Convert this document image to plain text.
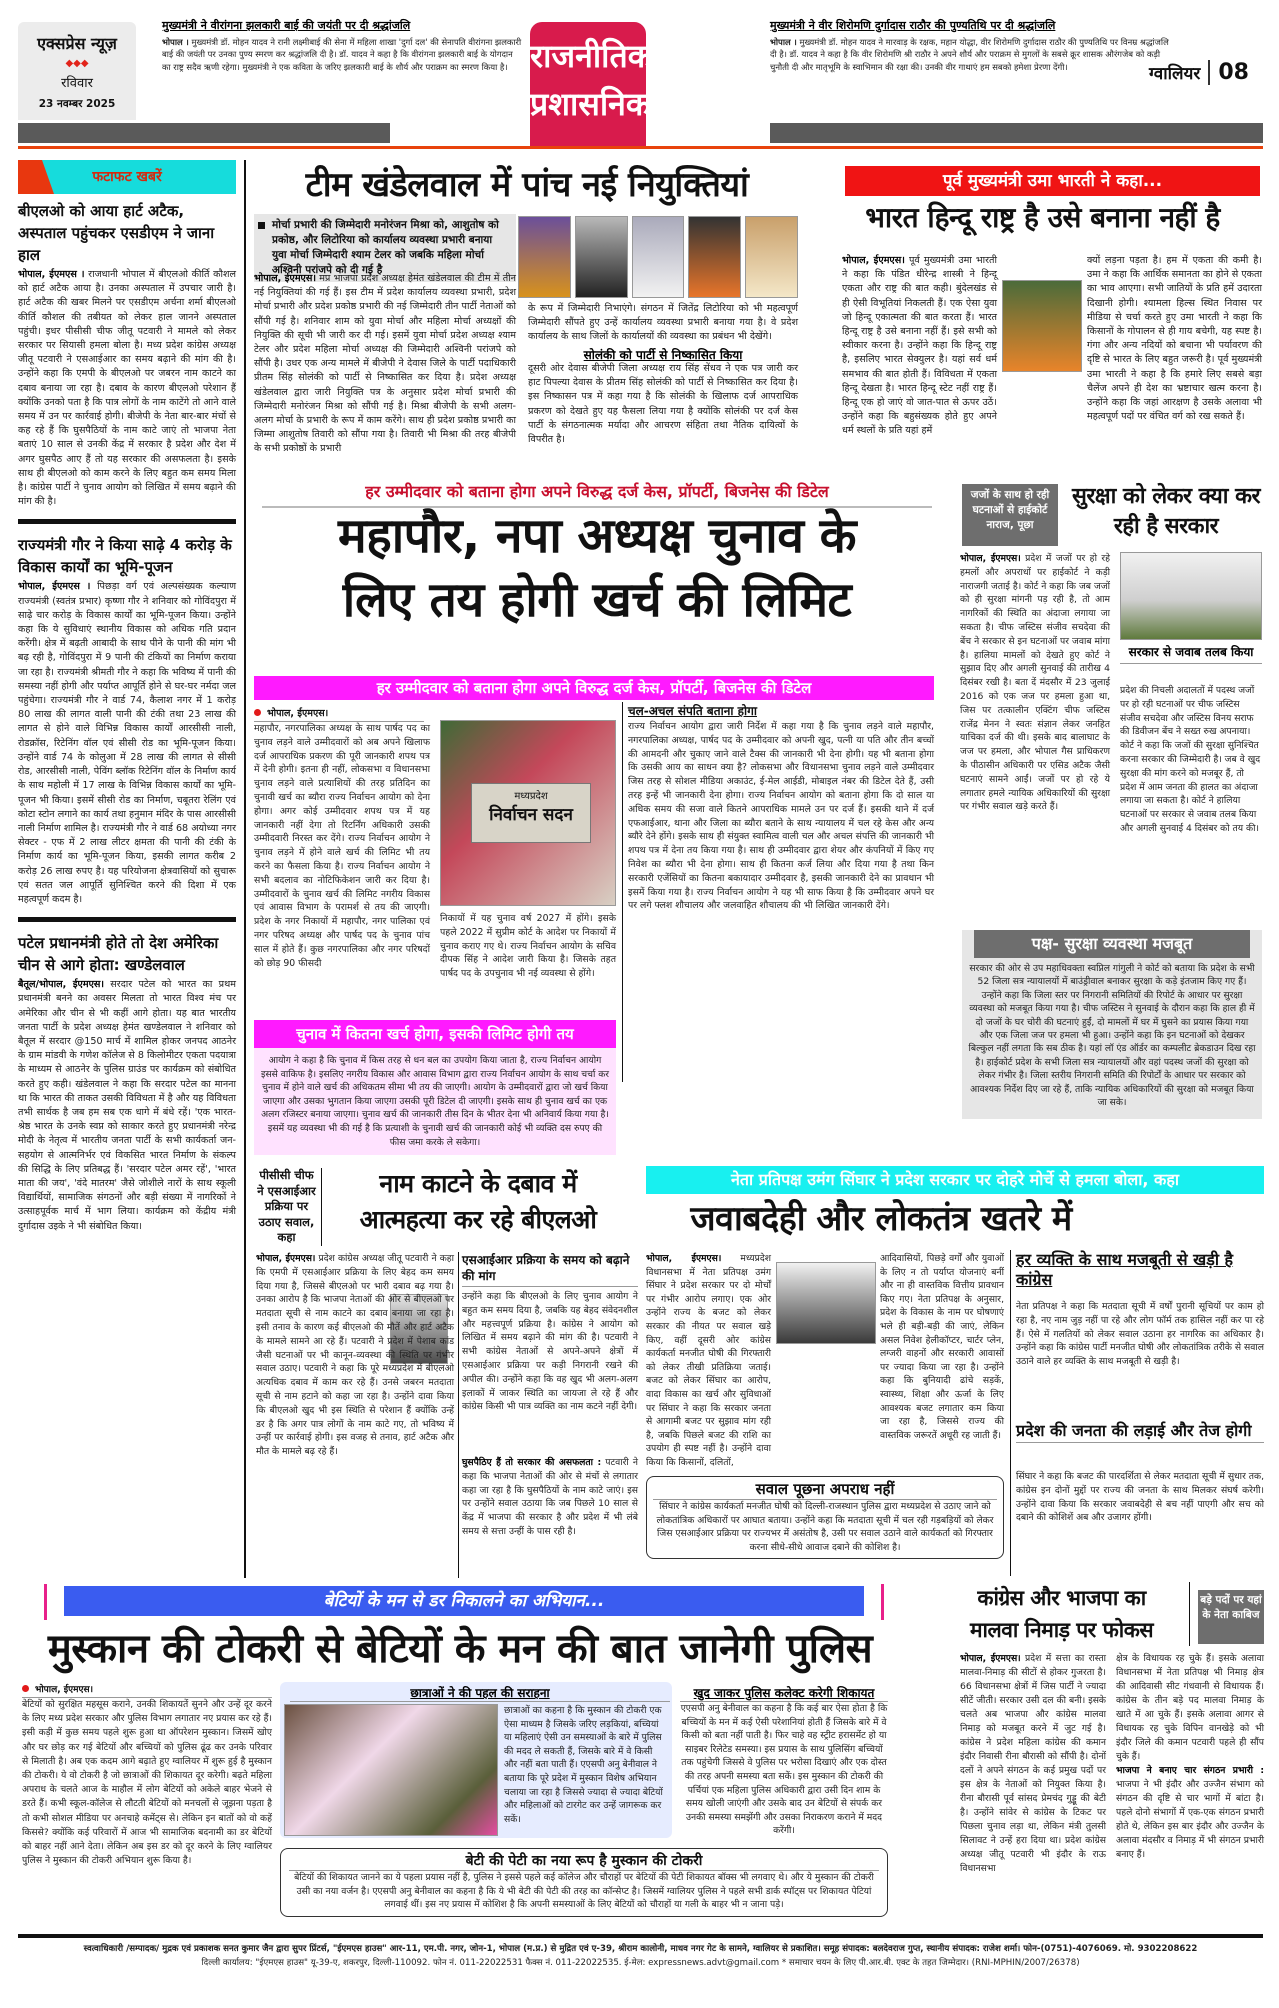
एक्सप्रेस न्यूज़
◆◆◆
रविवार
23 नवम्बर 2025
मुख्यमंत्री ने वीरांगना झलकारी बाई की जयंती पर दी श्रद्धांजलि
भोपाल । मुख्यमंत्री डॉ. मोहन यादव ने रानी लक्ष्मीबाई की सेना में महिला शाखा 'दुर्गा दल' की सेनापति वीरांगना झलकारी बाई की जयंती पर उनका पुण्य स्मरण कर श्रद्धांजलि दी है। डॉ. यादव ने कहा है कि वीरांगना झलकारी बाई के योगदान का राष्ट्र सदैव ऋणी रहेगा। मुख्यमंत्री ने एक कविता के जरिए झलकारी बाई के शौर्य और पराक्रम का स्मरण किया है। राजनीतिक
प्रशासनिक
मुख्यमंत्री ने वीर शिरोमणि दुर्गादास राठौर की पुण्यतिथि पर दी श्रद्धांजलि
भोपाल । मुख्यमंत्री डॉ. मोहन यादव ने मारवाड़ के रक्षक, महान योद्धा, वीर शिरोमणि दुर्गादास राठौर की पुण्यतिथि पर विनम्र श्रद्धांजलि दी है। डॉ. यादव ने कहा है कि वीर शिरोमणि श्री राठौर ने अपने शौर्य और पराक्रम से मुगलों के सबसे क्रूर शासक औरंगजेब को कड़ी चुनौती दी और मातृभूमि के स्वाभिमान की रक्षा की। उनकी वीर गाथाएं हम सबको हमेशा प्रेरणा देंगी।	ग्वालियर 08
फटाफट खबरें
बीएलओ को आया हार्ट अटैक, अस्पताल पहुंचकर एसडीएम ने जाना हाल
भोपाल, ईएमएस । राजधानी भोपाल में बीएलओ कीर्ति कौशल को हार्ट अटैक आया है। उनका अस्पताल में उपचार जारी है। हार्ट अटैक की खबर मिलने पर एसडीएम अर्चना शर्मा बीएलओ कीर्ति कौशल की तबीयत को लेकर हाल जानने अस्पताल पहुंची। इधर पीसीसी चीफ जीतू पटवारी ने मामले को लेकर सरकार पर सियासी हमला बोला है। मध्य प्रदेश कांग्रेस अध्यक्ष जीतू पटवारी ने एसआईआर का समय बढ़ाने की मांग की है। उन्होंने कहा कि एमपी के बीएलओ पर जबरन नाम काटने का दबाव बनाया जा रहा है। दबाव के कारण बीएलओ परेशान हैं क्योंकि उनको पता है कि पात्र लोगों के नाम काटेंगे तो आने वाले समय में उन पर कार्रवाई होगी। बीजेपी के नेता बार-बार मंचों से कह रहे हैं कि घुसपैठियों के नाम काटे जाएं तो भाजपा नेता बताएं 10 साल से उनकी केंद्र में सरकार है प्रदेश और देश में अगर घुसपैठ आए हैं तो यह सरकार की असफलता है। इसके साथ ही बीएलओ को काम करने के लिए बहुत कम समय मिला है। कांग्रेस पार्टी ने चुनाव आयोग को लिखित में समय बढ़ाने की मांग की है।
राज्यमंत्री गौर ने किया साढ़े 4 करोड़ के विकास कार्यों का भूमि-पूजन
भोपाल, ईएमएस । पिछड़ा वर्ग एवं अल्पसंख्यक कल्याण राज्यमंत्री (स्वतंत्र प्रभार) कृष्णा गौर ने शनिवार को गोविंदपुरा में साढ़े चार करोड़ के विकास कार्यों का भूमि-पूजन किया। उन्होंने कहा कि ये सुविधाएं स्थानीय विकास को अधिक गति प्रदान करेंगी। क्षेत्र में बढ़ती आबादी के साथ पीने के पानी की मांग भी बढ़ रही है, गोविंदपुरा में 9 पानी की टंकियों का निर्माण कराया जा रहा है। राज्यमंत्री श्रीमती गौर ने कहा कि भविष्य में पानी की समस्या नहीं होगी और पर्याप्त आपूर्ति होने से घर-घर नर्मदा जल पहुंचेगा। राज्यमंत्री गौर ने वार्ड 74, कैलाश नगर में 1 करोड़ 80 लाख की लागत वाली पानी की टंकी तथा 23 लाख की लागत से होने वाले विभिन्न विकास कार्यों आरसीसी नाली, रोडक्रॉस, रिटेनिंग वॉल एवं सीसी रोड का भूमि-पूजन किया। उन्होंने वार्ड 74 के कोलुआ में 28 लाख की लागत से सीसी रोड, आरसीसी नाली, पेविंग ब्लॉक रिटेनिंग वॉल के निर्माण कार्य के साथ महोली में 17 लाख के विभिन्न विकास कार्यों का भूमि-पूजन भी किया। इसमें सीसी रोड का निर्माण, चबूतरा रेलिंग एवं कोटा स्टोन लगाने का कार्य तथा हनुमान मंदिर के पास आरसीसी नाली निर्माण शामिल है। राज्यमंत्री गौर ने वार्ड 68 अयोध्या नगर सेक्टर - एफ में 2 लाख लीटर क्षमता की पानी की टंकी के निर्माण कार्य का भूमि-पूजन किया, इसकी लागत करीब 2 करोड़ 26 लाख रुपए है। यह परियोजना क्षेत्रवासियों को सुचारू एवं सतत जल आपूर्ति सुनिश्चित करने की दिशा में एक महत्वपूर्ण कदम है।
पटेल प्रधानमंत्री होते तो देश अमेरिका चीन से आगे होता: खण्डेलवाल
बैतूल/भोपाल, ईएमएस। सरदार पटेल को भारत का प्रथम प्रधानमंत्री बनने का अवसर मिलता तो भारत विश्व मंच पर अमेरिका और चीन से भी कहीं आगे होता। यह बात भारतीय जनता पार्टी के प्रदेश अध्यक्ष हेमंत खण्डेलवाल ने शनिवार को बैतूल में सरदार @150 मार्च में शामिल होकर जनपद आठनेर के ग्राम मांडवी के गणेश कॉलेज से 8 किलोमीटर एकता पदयात्रा के माध्यम से आठनेर के पुलिस ग्राउंड पर कार्यक्रम को संबोधित करते हुए कही। खंडेलवाल ने कहा कि सरदार पटेल का मानना था कि भारत की ताकत उसकी विविधता में है और यह विविधता तभी सार्थक है जब हम सब एक धागे में बंधे रहें। 'एक भारत-श्रेष्ठ भारत के उनके स्वप्न को साकार करते हुए प्रधानमंत्री नरेन्द्र मोदी के नेतृत्व में भारतीय जनता पार्टी के सभी कार्यकर्ता जन-सहयोग से आत्मनिर्भर एवं विकसित भारत निर्माण के संकल्प की सिद्धि के लिए प्रतिबद्ध हैं। 'सरदार पटेल अमर रहें', 'भारत माता की जय', 'वंदे मातरम' जैसे जोशीले नारों के साथ स्कूली विद्यार्थियों, सामाजिक संगठनों और बड़ी संख्या में नागरिकों ने उत्साहपूर्वक मार्च में भाग लिया। कार्यक्रम को केंद्रीय मंत्री दुर्गादास उइके ने भी संबोधित किया।
टीम खंडेलवाल में पांच नई नियुक्तियां
मोर्चा प्रभारी की जिम्मेदारी मनोरंजन मिश्रा को, आशुतोष को प्रकोष्ठ, और लिटोरिया को कार्यालय व्यवस्था प्रभारी बनाया युवा मोर्चा जिम्मेदारी श्याम टेलर को जबकि महिला मोर्चा अश्विनी परांजपे को दी गई है
भोपाल, ईएमएस। मप्र भाजपा प्रदेश अध्यक्ष हेमंत खंडेलवाल की टीम में तीन नई नियुक्तियां की गई हैं। इस टीम में प्रदेश कार्यालय व्यवस्था प्रभारी, प्रदेश मोर्चा प्रभारी और प्रदेश प्रकोष्ठ प्रभारी की नई जिम्मेदारी तीन पार्टी नेताओं को सौंपी गई है। शनिवार शाम को युवा मोर्चा और महिला मोर्चा अध्यक्षों की नियुक्ति की सूची भी जारी कर दी गई। इसमें युवा मोर्चा प्रदेश अध्यक्ष श्याम टेलर और प्रदेश महिला मोर्चा अध्यक्ष की जिम्मेदारी अश्विनी परांजपे को सौंपी है। उधर एक अन्य मामले में बीजेपी ने देवास जिले के पार्टी पदाधिकारी प्रीतम सिंह सोलंकी को पार्टी से निष्कासित कर दिया है। प्रदेश अध्यक्ष खंडेलवाल द्वारा जारी नियुक्ति पत्र के अनुसार प्रदेश मोर्चा प्रभारी की जिम्मेदारी मनोरंजन मिश्रा को सौंपी गई है। मिश्रा बीजेपी के सभी अलग-अलग मोर्चा के प्रभारी के रूप में काम करेंगे। साथ ही प्रदेश प्रकोष्ठ प्रभारी का जिम्मा आशुतोष तिवारी को सौंपा गया है। तिवारी भी मिश्रा की तरह बीजेपी के सभी प्रकोष्ठों के प्रभारी
के रूप में जिम्मेदारी निभाएंगे। संगठन में जितेंद्र लिटोरिया को भी महत्वपूर्ण जिम्मेदारी सौंपते हुए उन्हें कार्यालय व्यवस्था प्रभारी बनाया गया है। वे प्रदेश कार्यालय के साथ जिलों के कार्यालयों की व्यवस्था का प्रबंधन भी देखेंगे।
सोलंकी को पार्टी से निष्कासित किया
दूसरी ओर देवास बीजेपी जिला अध्यक्ष राय सिंह सेंधव ने एक पत्र जारी कर हाट पिपल्या देवास के प्रीतम सिंह सोलंकी को पार्टी से निष्कासित कर दिया है। इस निष्कासन पत्र में कहा गया है कि सोलंकी के खिलाफ दर्ज आपराधिक प्रकरण को देखते हुए यह फैसला लिया गया है क्योंकि सोलंकी पर दर्ज केस पार्टी के संगठनात्मक मर्यादा और आचरण संहिता तथा नैतिक दायित्वों के विपरीत है।
पूर्व मुख्यमंत्री उमा भारती ने कहा...
भारत हिन्दू राष्ट्र है उसे बनाना नहीं है
भोपाल, ईएमएस। पूर्व मुख्यमंत्री उमा भारती ने कहा कि पंडित धीरेन्द्र शास्त्री ने हिन्दू एकता और राष्ट्र की बात कही। बुंदेलखंड से ही ऐसी विभूतियां निकलती हैं। एक ऐसा युवा जो हिन्दू एकात्मता की बात करता हैं। भारत हिन्दू राष्ट्र है उसे बनाना नहीं हैं। इसे सभी को स्वीकार करना है। उन्होंने कहा कि हिन्दू राष्ट्र है, इसलिए भारत सेक्युलर है। यहां सर्व धर्म समभाव की बात होती हैं। विविधता में एकता हिन्दू देखता है। भारत हिन्दू स्टेट नहीं राष्ट्र हैं। हिन्दू एक हो जाएं वो जात-पात से ऊपर उठें। उन्होंने कहा कि बहुसंख्यक होते हुए अपने धर्म स्थलों के प्रति यहां हमें
क्यों लड़ना पड़ता है। हम में एकता की कमी है। उमा ने कहा कि आर्थिक समानता का होने से एकता का भाव आएगा। सभी जातियों के प्रति हमें उदारता दिखानी होगी। श्यामला हिल्स स्थित निवास पर मीडिया से चर्चा करते हुए उमा भारती ने कहा कि किसानों के गोपालन से ही गाय बचेगी, यह स्पष्ट है। गंगा और अन्य नदियों को बचाना भी पर्यावरण की दृष्टि से भारत के लिए बहुत जरूरी है। पूर्व मुख्यमंत्री उमा भारती ने कहा है कि हमारे लिए सबसे बड़ा चैलेंज अपने ही देश का भ्रष्टाचार खत्म करना है। उन्होंने कहा कि जहां आरक्षण है उसके अलावा भी महत्वपूर्ण पदों पर वंचित वर्ग को रख सकते हैं।
हर उम्मीदवार को बताना होगा अपने विरुद्ध दर्ज केस, प्रॉपर्टी, बिजनेस की डिटेल
महापौर, नपा अध्यक्ष चुनाव के
लिए तय होगी खर्च की लिमिट
हर उम्मीदवार को बताना होगा अपने विरुद्ध दर्ज केस, प्रॉपर्टी, बिजनेस की डिटेल
भोपाल, ईएमएस।
महापौर, नगरपालिका अध्यक्ष के साथ पार्षद पद का चुनाव लड़ने वाले उम्मीदवारों को अब अपने खिलाफ दर्ज आपराधिक प्रकरण की पूरी जानकारी शपथ पत्र में देनी होगी। इतना ही नहीं, लोकसभा व विधानसभा चुनाव लड़ने वाले प्रत्याशियों की तरह प्रतिदिन का चुनावी खर्च का ब्यौरा राज्य निर्वाचन आयोग को देना होगा। अगर कोई उम्मीदवार शपथ पत्र में यह जानकारी नहीं देगा तो रिटर्निंग अधिकारी उसकी उम्मीदवारी निरस्त कर देंगे। राज्य निर्वाचन आयोग ने चुनाव लड़ने में होने वाले खर्च की लिमिट भी तय करने का फैसला किया है। राज्य निर्वाचन आयोग ने सभी बदलाव का नोटिफिकेशन जारी कर दिया है। उम्मीदवारों के चुनाव खर्च की लिमिट नगरीय विकास एवं आवास विभाग के परामर्श से तय की जाएगी। प्रदेश के नगर निकायों में महापौर, नगर पालिका एवं नगर परिषद अध्यक्ष और पार्षद पद के चुनाव पांच साल में होते हैं। कुछ नगरपालिका और नगर परिषदों को छोड़ 90 फीसदी
मध्यप्रदेश
निर्वाचन सदन
निकायों में यह चुनाव वर्ष 2027 में होंगे। इसके पहले 2022 में सुप्रीम कोर्ट के आदेश पर निकायों में चुनाव कराए गए थे। राज्य निर्वाचन आयोग के सचिव दीपक सिंह ने आदेश जारी किया है। जिसके तहत पार्षद पद के उपचुनाव भी नई व्यवस्था से होंगे।
चल-अचल संपति बताना होगा
राज्य निर्वाचन आयोग द्वारा जारी निर्देश में कहा गया है कि चुनाव लड़ने वाले महापौर, नगरपालिका अध्यक्ष, पार्षद पद के उम्मीदवार को अपनी खुद, पत्नी या पति और तीन बच्चों की आमदनी और चुकाए जाने वाले टैक्स की जानकारी भी देना होगी। यह भी बताना होगा कि उसकी आय का साधन क्या है? लोकसभा और विधानसभा चुनाव लड़ने वाले उम्मीदवार जिस तरह से सोशल मीडिया अकाउंट, ई-मेल आईडी, मोबाइल नंबर की डिटेल देते हैं, उसी तरह इन्हें भी जानकारी देना होगा। राज्य निर्वाचन आयोग को बताना होगा कि दो साल या अधिक समय की सजा वाले कितने आपराधिक मामले उन पर दर्ज हैं। इसकी थाने में दर्ज एफआईआर, थाना और जिला का ब्यौरा बताने के साथ न्यायालय में चल रहे केस और अन्य ब्यौरे देने होंगे। इसके साथ ही संयुक्त स्वामित्व वाली चल और अचल संपत्ति की जानकारी भी शपथ पत्र में देना तय किया गया है। साथ ही उम्मीदवार द्वारा शेयर और कंपनियों में किए गए निवेश का ब्यौरा भी देना होगा। साथ ही कितना कर्ज लिया और दिया गया है तथा किन सरकारी एजेंसियों का कितना बकायादार उम्मीदवार है, इसकी जानकारी देने का प्रावधान भी इसमें किया गया है। राज्य निर्वाचन आयोग ने यह भी साफ किया है कि उम्मीदवार अपने घर पर लगे फ्लश शौचालय और जलवाहित शौचालय की भी लिखित जानकारी देंगे।
चुनाव में कितना खर्च होगा, इसकी लिमिट होगी तय
आयोग ने कहा है कि चुनाव में किस तरह से धन बल का उपयोग किया जाता है, राज्य निर्वाचन आयोग इससे वाकिफ है। इसलिए नगरीय विकास और आवास विभाग द्वारा राज्य निर्वाचन आयोग के साथ चर्चा कर चुनाव में होने वाले खर्च की अधिकतम सीमा भी तय की जाएगी। आयोग के उम्मीदवारों द्वारा जो खर्च किया जाएगा और उसका भुगतान किया जाएगा उसकी पूरी डिटेल दी जाएगी। इसके साथ ही चुनाव खर्च का एक अलग रजिस्टर बनाया जाएगा। चुनाव खर्च की जानकारी तीस दिन के भीतर देना भी अनिवार्य किया गया है। इसमें यह व्यवस्था भी की गई है कि प्रत्याशी के चुनावी खर्च की जानकारी कोई भी व्यक्ति दस रुपए की फीस जमा करके ले सकेगा।
जजों के साथ हो रही घटनाओं से हाईकोर्ट नाराज, पूछा
सुरक्षा को लेकर क्या कर रही है सरकार
भोपाल, ईएमएस। प्रदेश में जजों पर हो रहे हमलों और अपराधों पर हाईकोर्ट ने कड़ी नाराजगी जताई है। कोर्ट ने कहा कि जब जजों को ही सुरक्षा मांगनी पड़ रही है, तो आम नागरिकों की स्थिति का अंदाजा लगाया जा सकता है। चीफ जस्टिस संजीव सचदेवा की बेंच ने सरकार से इन घटनाओं पर जवाब मांगा है। हालिया मामलों को देखते हुए कोर्ट ने सुझाव दिए और अगली सुनवाई की तारीख 4 दिसंबर रखी है। बता दें मंदसौर में 23 जुलाई 2016 को एक जज पर हमला हुआ था, जिस पर तत्कालीन एक्टिंग चीफ जस्टिस राजेंद्र मेनन ने स्वतः संज्ञान लेकर जनहित याचिका दर्ज की थी। इसके बाद बालाघाट के जज पर हमला, और भोपाल गैस प्राधिकरण के पीठासीन अधिकारी पर एसिड अटैक जैसी घटनाएं सामने आईं। जजों पर हो रहे ये लगातार हमले न्यायिक अधिकारियों की सुरक्षा पर गंभीर सवाल खड़े करते हैं।
सरकार से जवाब तलब किया
प्रदेश की निचली अदालतों में पदस्थ जजों पर हो रही घटनाओं पर चीफ जस्टिस संजीव सचदेवा और जस्टिस विनय सराफ की डिवीजन बेंच ने सख्त रुख अपनाया। कोर्ट ने कहा कि जजों की सुरक्षा सुनिश्चित करना सरकार की जिम्मेदारी है। जब वे खुद सुरक्षा की मांग करने को मजबूर हैं, तो प्रदेश में आम जनता की हालत का अंदाजा लगाया जा सकता है। कोर्ट ने हालिया घटनाओं पर सरकार से जवाब तलब किया और अगली सुनवाई 4 दिसंबर को तय की।
पक्ष- सुरक्षा व्यवस्था मजबूत
सरकार की ओर से उप महाधिवक्ता स्वप्निल गांगुली ने कोर्ट को बताया कि प्रदेश के सभी 52 जिला सत्र न्यायालयों में बाउंड्रीवाल बनाकर सुरक्षा के कड़े इंतजाम किए गए हैं। उन्होंने कहा कि जिला स्तर पर निगरानी समितियों की रिपोर्ट के आधार पर सुरक्षा व्यवस्था को मजबूत किया गया है। चीफ जस्टिस ने सुनवाई के दौरान कहा कि हाल ही में दो जजों के घर चोरी की घटनाएं हुईं, दो मामलों में घर में घुसने का प्रयास किया गया और एक जिला जज पर हमला भी हुआ। उन्होंने कहा कि इन घटनाओं को देखकर बिल्कुल नहीं लगता कि सब ठीक है। यहां लॉ एंड ऑर्डर का कम्पलीट ब्रेकडाउन दिख रहा है। हाईकोर्ट प्रदेश के सभी जिला सत्र न्यायालयों और वहां पदस्थ जजों की सुरक्षा को लेकर गंभीर है। जिला स्तरीय निगरानी समिति की रिपोर्टों के आधार पर सरकार को आवश्यक निर्देश दिए जा रहे हैं, ताकि न्यायिक अधिकारियों की सुरक्षा को मजबूत किया जा सके।
पीसीसी चीफ ने एसआईआर प्रक्रिया पर उठाए सवाल, कहा
नाम काटने के दबाव में
आत्महत्या कर रहे बीएलओ
भोपाल, ईएमएस। प्रदेश कांग्रेस अध्यक्ष जीतू पटवारी ने कहा कि एमपी में एसआईआर प्रक्रिया के लिए बेहद कम समय दिया गया है, जिससे बीएलओ पर भारी दबाव बढ़ गया है। उनका आरोप है कि भाजपा नेताओं की ओर से बीएलओ पर मतदाता सूची से नाम काटने का दबाव बनाया जा रहा है। इसी तनाव के कारण कई बीएलओ की मौतें और हार्ट अटैक के मामले सामने आ रहे हैं। पटवारी ने प्रदेश में पेशाब कांड जैसी घटनाओं पर भी कानून-व्यवस्था की स्थिति पर गंभीर सवाल उठाए। पटवारी ने कहा कि पूरे मध्यप्रदेश में बीएलओ अत्यधिक दबाव में काम कर रहे हैं। उनसे जबरन मतदाता सूची से नाम हटाने को कहा जा रहा है। उन्होंने दावा किया कि बीएलओ खुद भी इस स्थिति से परेशान हैं क्योंकि उन्हें डर है कि अगर पात्र लोगों के नाम काटे गए, तो भविष्य में उन्हीं पर कार्रवाई होगी। इस वजह से तनाव, हार्ट अटैक और मौत के मामले बढ़ रहे हैं।
एसआईआर प्रक्रिया के समय को बढ़ाने की मांग
उन्होंने कहा कि बीएलओ के लिए चुनाव आयोग ने बहुत कम समय दिया है, जबकि यह बेहद संवेदनशील और महत्त्वपूर्ण प्रक्रिया है। कांग्रेस ने आयोग को लिखित में समय बढ़ाने की मांग की है। पटवारी ने सभी कांग्रेस नेताओं से अपने-अपने क्षेत्रों में एसआईआर प्रक्रिया पर कड़ी निगरानी रखने की अपील की। उन्होंने कहा कि वह खुद भी अलग-अलग इलाकों में जाकर स्थिति का जायजा ले रहे हैं और कांग्रेस किसी भी पात्र व्यक्ति का नाम कटने नहीं देगी।
घुसपैठिए हैं तो सरकार की असफलता : पटवारी ने कहा कि भाजपा नेताओं की ओर से मंचों से लगातार कहा जा रहा है कि घुसपैठियों के नाम काटे जाएं। इस पर उन्होंने सवाल उठाया कि जब पिछले 10 साल से केंद्र में भाजपा की सरकार है और प्रदेश में भी लंबे समय से सत्ता उन्हीं के पास रही है।
नेता प्रतिपक्ष उमंग सिंघार ने प्रदेश सरकार पर दोहरे मोर्चे से हमला बोला, कहा
जवाबदेही और लोकतंत्र खतरे में
भोपाल, ईएमएस। मध्यप्रदेश विधानसभा में नेता प्रतिपक्ष उमंग सिंघार ने प्रदेश सरकार पर दो मोर्चों पर गंभीर आरोप लगाए। एक ओर उन्होंने राज्य के बजट को लेकर सरकार की नीयत पर सवाल खड़े किए, वहीं दूसरी ओर कांग्रेस कार्यकर्ता मनजीत घोषी की गिरफ्तारी को लेकर तीखी प्रतिक्रिया जताई। बजट को लेकर सिंघार का आरोप, वादा विकास का खर्च और सुविधाओं पर सिंघार ने कहा कि सरकार जनता से आगामी बजट पर सुझाव मांग रही है, जबकि पिछले बजट की राशि का उपयोग ही स्पष्ट नहीं है। उन्होंने दावा किया कि किसानों, दलितों,
आदिवासियों, पिछड़े वर्गों और युवाओं के लिए न तो पर्याप्त योजनाएं बनीं और ना ही वास्तविक वित्तीय प्रावधान किए गए। नेता प्रतिपक्ष के अनुसार, प्रदेश के विकास के नाम पर घोषणाएं भले ही बड़ी-बड़ी की जाएं, लेकिन असल निवेश हेलीकॉप्टर, चार्टर प्लेन, लग्जरी वाहनों और सरकारी आवासों पर ज्यादा किया जा रहा है। उन्होंने कहा कि बुनियादी ढांचे सड़कें, स्वास्थ्य, शिक्षा और ऊर्जा के लिए आवश्यक बजट लगातार कम किया जा रहा है, जिससे राज्य की वास्तविक जरूरतें अधूरी रह जाती हैं।
सवाल पूछना अपराध नहीं
सिंघार ने कांग्रेस कार्यकर्ता मनजीत घोषी को दिल्ली-राजस्थान पुलिस द्वारा मध्यप्रदेश से उठाए जाने को लोकतांत्रिक अधिकारों पर आघात बताया। उन्होंने कहा कि मतदाता सूची में चल रही गड़बड़ियों को लेकर जिस एसआईआर प्रक्रिया पर राज्यभर में असंतोष है, उसी पर सवाल उठाने वाले कार्यकर्ता को गिरफ्तार करना सीधे-सीधे आवाज दबाने की कोशिश है।
हर व्यक्ति के साथ मजबूती से खड़ी है कांग्रेस
नेता प्रतिपक्ष ने कहा कि मतदाता सूची में वर्षों पुरानी सूचियों पर काम हो रहा है, नए नाम जुड़ नहीं पा रहे और लोग फॉर्म तक हासिल नहीं कर पा रहे हैं। ऐसे में गलतियों को लेकर सवाल उठाना हर नागरिक का अधिकार है। उन्होंने कहा कि कांग्रेस पार्टी मनजीत घोषी और लोकतांत्रिक तरीके से सवाल उठाने वाले हर व्यक्ति के साथ मजबूती से खड़ी है।
प्रदेश की जनता की लड़ाई और तेज होगी
सिंघार ने कहा कि बजट की पारदर्शिता से लेकर मतदाता सूची में सुधार तक, कांग्रेस इन दोनों मुद्दों पर राज्य की जनता के साथ मिलकर संघर्ष करेगी। उन्होंने दावा किया कि सरकार जवाबदेही से बच नहीं पाएगी और सच को दबाने की कोशिशें अब और उजागर होंगी।
बेटियों के मन से डर निकालने का अभियान...
मुस्कान की टोकरी से बेटियों के मन की बात जानेगी पुलिस
भोपाल, ईएमएस।
बेटियों को सुरक्षित महसूस कराने, उनकी शिकायतें सुनने और उन्हें दूर करने के लिए मध्य प्रदेश सरकार और पुलिस विभाग लगातार नए प्रयास कर रहे हैं। इसी कड़ी में कुछ समय पहले शुरू हुआ था ऑपरेशन मुस्कान। जिसमें खोए और घर छोड़ कर गई बेटियों और बच्चियों को पुलिस ढूंढ कर उनके परिवार से मिलाती है। अब एक कदम आगे बढ़ाते हुए ग्वालियर में शुरू हुई है मुस्कान की टोकरी। ये वो टोकरी है जो छात्राओं की शिकायत दूर करेगी। बढ़ते महिला अपराध के चलते आज के माहौल में लोग बेटियों को अकेले बाहर भेजने से डरते हैं। कभी स्कूल-कॉलेज से लौटती बेटियों को मनचलों से जूझना पड़ता है तो कभी सोशल मीडिया पर अनचाहे कमेंट्स से। लेकिन इन बातों को वो कहें किससे? क्योंकि कई परिवारों में आज भी सामाजिक बदनामी का डर बेटियों को बाहर नहीं आने देता। लेकिन अब इस डर को दूर करने के लिए ग्वालियर पुलिस ने मुस्कान की टोकरी अभियान शुरू किया है।
छात्राओं ने की पहल की सराहना
छात्राओं का कहना है कि मुस्कान की टोकरी एक ऐसा माध्यम है जिसके जरिए लड़कियां, बच्चियां या महिलाएं ऐसी उन समस्याओं के बारे में पुलिस की मदद ले सकती हैं, जिसके बारे में वे किसी और नहीं बता पाती हैं। एएसपी अनु बेनीवाल ने बताया कि पूरे प्रदेश में मुस्कान विशेष अभियान चलाया जा रहा है जिससे ज्यादा से ज्यादा बेटियों और महिलाओं को टारगेट कर उन्हें जागरूक कर सकें।
खुद जाकर पुलिस कलेक्ट करेगी शिकायत
एएसपी अनु बेनीवाल का कहना है कि कई बार ऐसा होता है कि बच्चियों के मन में कई ऐसी परेशानियां होती हैं जिसके बारे में वे किसी को बता नहीं पाती है। फिर चाहे वह स्ट्रीट हरासमेंट हो या साइबर रिलेटेड समस्या। इस प्रयास के साथ पुलिसिंग बच्चियों तक पहुंचेगी जिससे वे पुलिस पर भरोसा दिखाएं और एक दोस्त की तरह अपनी समस्या बता सकें। इस मुस्कान की टोकरी की पर्चियां एक महिला पुलिस अधिकारी द्वारा उसी दिन शाम के समय खोली जाएंगी और उसके बाद उन बेटियों से संपर्क कर उनकी समस्या समझेंगी और उसका निराकरण कराने में मदद करेंगी।
बेटी की पेटी का नया रूप है मुस्कान की टोकरी
बेटियों की शिकायत जानने का ये पहला प्रयास नहीं है, पुलिस ने इससे पहले कई कॉलेज और चौराहों पर बेटियों की पेटी शिकायत बॉक्स भी लगवाए थे। और ये मुस्कान की टोकरी उसी का नया वर्जन है। एएसपी अनु बेनीवाल का कहना है कि ये भी बेटी की पेटी की तरह का कॉन्सेप्ट है। जिसमें ग्वालियर पुलिस ने पहले सभी डार्क स्पॉट्स पर शिकायत पेटियां लगवाई थीं। इस नए प्रयास में कोशिश है कि अपनी समस्याओं के लिए बेटियों को चौराहों या गली के बाहर भी न जाना पड़े।
कांग्रेस और भाजपा का
मालवा निमाड़ पर फोकस
बड़े पदों पर यहां के नेता काबिज
भोपाल, ईएमएस। प्रदेश में सत्ता का रास्ता मालवा-निमाड़ की सीटों से होकर गुजरता है। 66 विधानसभा क्षेत्रों में जिस पार्टी ने ज्यादा सीटें जीती। सरकार उसी दल की बनी। इसके चलते अब भाजपा और कांग्रेस मालवा निमाड़ को मजबूत करने में जुट गई है। कांग्रेस ने प्रदेश महिला कांग्रेस की कमान इंदौर निवासी रीना बौरासी को सौंपी है। दोनों दलों ने अपने संगठन के कई प्रमुख पदों पर इस क्षेत्र के नेताओं को नियुक्त किया है। रीना बौरासी पूर्व सांसद प्रेमचंद गुड्डू की बेटी है। उन्होंने सांवेर से कांग्रेस के टिकट पर पिछला चुनाव लड़ा था, लेकिन मंत्री तुलसी सिलावट ने उन्हें हरा दिया था। प्रदेश कांग्रेस अध्यक्ष जीतू पटवारी भी इंदौर के राऊ विधानसभा
क्षेत्र के विधायक रह चुके हैं। इसके अलावा विधानसभा में नेता प्रतिपक्ष भी निमाड़ क्षेत्र की आदिवासी सीट गंधवानी से विधायक हैं। कांग्रेस के तीन बड़े पद मालवा निमाड़ के खाते में आ चुके हैं। इसके अलावा आगर से विधायक रह चुके विपिन वानखेड़े को भी इंदौर जिले की कमान पटवारी पहले ही सौंप चुके हैं।
भाजपा ने बनाए चार संगठन प्रभारी : भाजपा ने भी इंदौर और उज्जैन संभाग को संगठन की दृष्टि से चार भागों में बांटा है। पहले दोनो संभागों में एक-एक संगठन प्रभारी होते थे, लेकिन इस बार इंदौर और उज्जैन के अलावा मंदसौर व निमाड़ में भी संगठन प्रभारी बनाए हैं।
स्वत्वाधिकारी /सम्पादक/ मुद्रक एवं प्रकाशक सनत कुमार जैन द्वारा सुपर प्रिंटर्स, "ईएमएस हाउस" आर-11, एम.पी. नगर, जोन-1, भोपाल (म.प्र.) से मुद्रित एवं ए-39, श्रीराम कालोनी, माधव नगर गेट के सामने, ग्वालियर से प्रकाशित। समूह संपादक: बलदेवराज गुप्त, स्थानीय संपादक: राजेश शर्मा। फोन-(0751)-4076069. मो. 9302208622
दिल्ली कार्यालय: "ईएमएस हाउस" यू-39-ए, शकरपुर, दिल्ली-110092. फोन नं. 011-22022531 फैक्स नं. 011-22022535. ई-मेल: expressnews.advt@gmail.com * समाचार चयन के लिए पी.आर.बी. एक्ट के तहत जिम्मेदार। (RNI-MPHIN/2007/26378)
